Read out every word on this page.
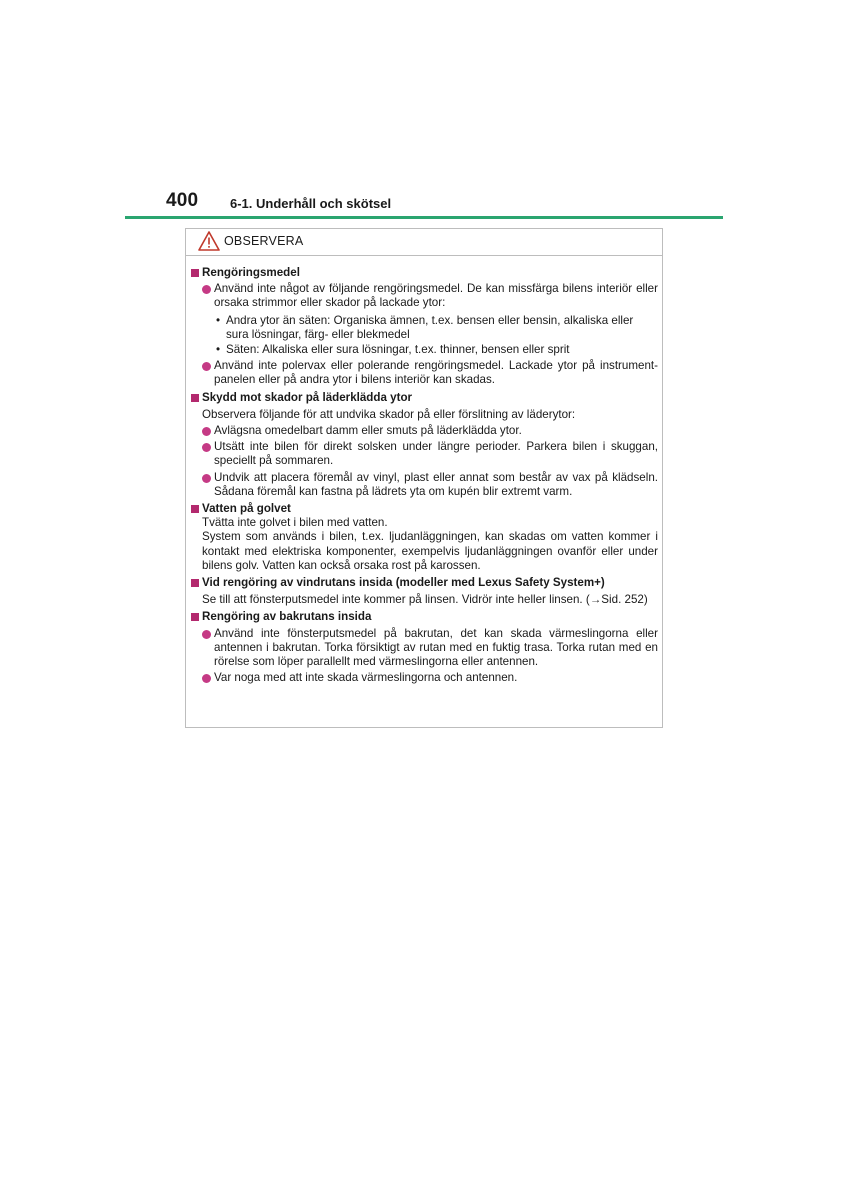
400 6-1. Underhåll och skötsel
OBSERVERA
Rengöringsmedel
Använd inte något av följande rengöringsmedel. De kan missfärga bilens interiör eller orsaka strimmor eller skador på lackade ytor:
• Andra ytor än säten: Organiska ämnen, t.ex. bensen eller bensin, alkaliska eller sura lösningar, färg- eller blekmedel
• Säten: Alkaliska eller sura lösningar, t.ex. thinner, bensen eller sprit
Använd inte polervax eller polerande rengöringsmedel. Lackade ytor på instrument-panelen eller på andra ytor i bilens interiör kan skadas.
Skydd mot skador på läderklädda ytor
Observera följande för att undvika skador på eller förslitning av läderytor:
Avlägsna omedelbart damm eller smuts på läderklädda ytor.
Utsätt inte bilen för direkt solsken under längre perioder. Parkera bilen i skuggan, speciellt på sommaren.
Undvik att placera föremål av vinyl, plast eller annat som består av vax på klädseln. Sådana föremål kan fastna på lädrets yta om kupén blir extremt varm.
Vatten på golvet
Tvätta inte golvet i bilen med vatten.
System som används i bilen, t.ex. ljudanläggningen, kan skadas om vatten kommer i kontakt med elektriska komponenter, exempelvis ljudanläggningen ovanför eller under bilens golv. Vatten kan också orsaka rost på karossen.
Vid rengöring av vindrutans insida (modeller med Lexus Safety System+)
Se till att fönsterputsmedel inte kommer på linsen. Vidrör inte heller linsen. (→Sid. 252)
Rengöring av bakrutans insida
Använd inte fönsterputsmedel på bakrutan, det kan skada värmeslingorna eller antennen i bakrutan. Torka försiktigt av rutan med en fuktig trasa. Torka rutan med en rörelse som löper parallellt med värmeslingorna eller antennen.
Var noga med att inte skada värmeslingorna och antennen.
